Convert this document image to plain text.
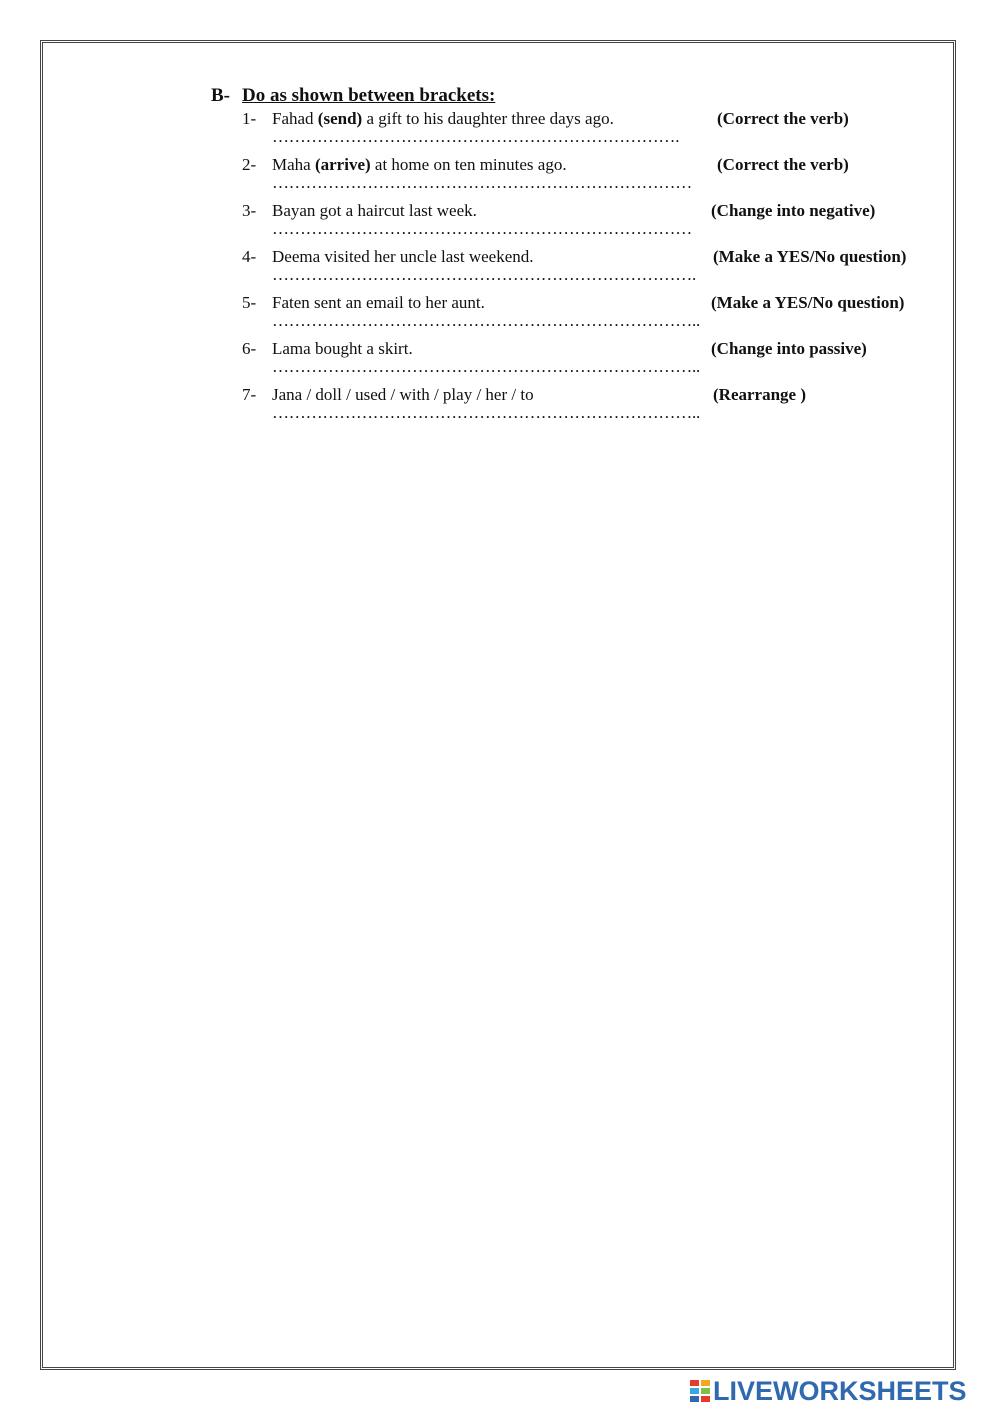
B- Do as shown between brackets:
1- Fahad (send) a gift to his daughter three days ago.	(Correct the verb)
……………………………………………………………….
2- Maha (arrive) at home on ten minutes ago.	(Correct the verb)
…………………………………………………………………
3- Bayan got a haircut last week.	(Change into negative)
…………………………………………………………………
4- Deema visited her uncle last weekend.	(Make a YES/No question)
………………………………………………………………….
5- Faten sent an email to her aunt.	(Make a YES/No question)
…………………………………………………………………..
6- Lama bought a skirt.	(Change into passive)
…………………………………………………………………..
7- Jana / doll / used / with / play / her / to	(Rearrange )
…………………………………………………………………..
LIVEWORKSHEETS
